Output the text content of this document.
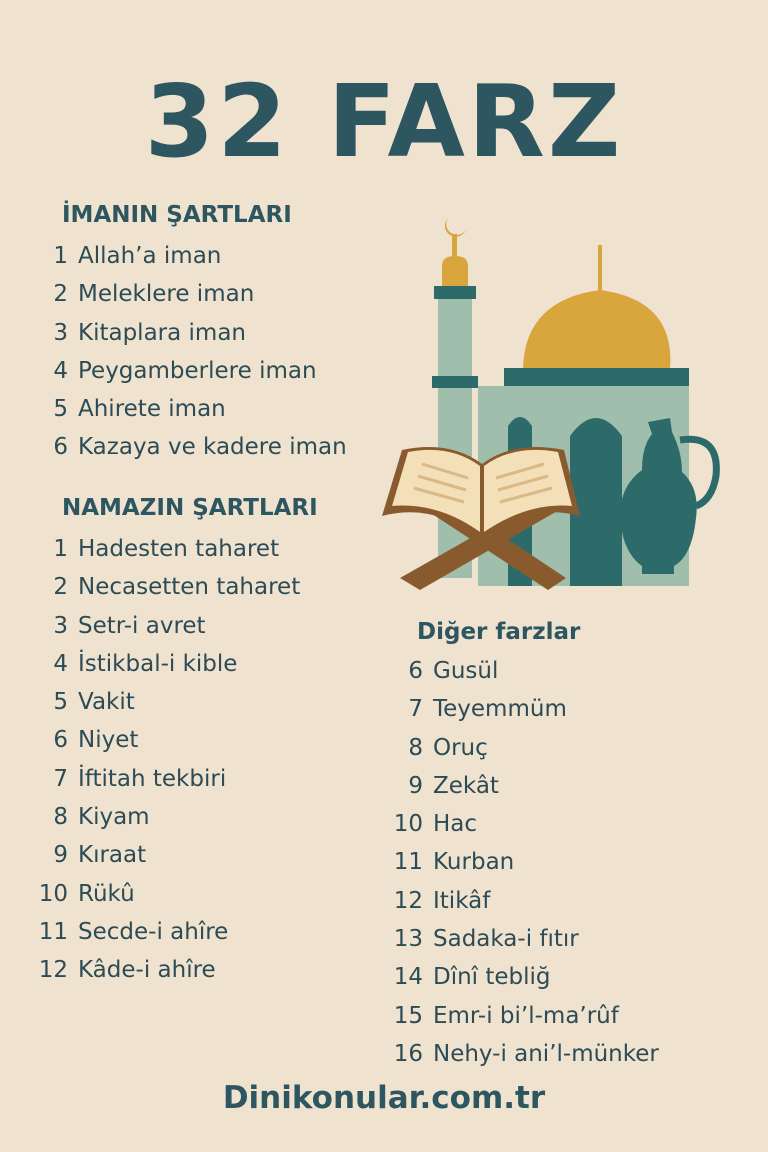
32 FARZ
İMANIN ŞARTLARI
1 Allah’a iman
2 Meleklere iman
3 Kitaplara iman
4 Peygamberlere iman
5 Ahirete iman
6 Kazaya ve kadere iman
NAMAZIN ŞARTLARI
1 Hadesten taharet
2 Necasetten taharet
3 Setr-i avret
4 İstikbal-i kible
5 Vakit
6 Niyet
7 İftitah tekbiri
8 Kiyam
9 Kıraat
10 Rükû
11 Secde-i ahîre
12 Kâde-i ahîre
Diğer farzlar
6 Gusül
7 Teyemmüm
8 Oruç
9 Zekât
10 Hac
11 Kurban
12 Itikâf
13 Sadaka-i fıtır
14 Dînî tebliğ
15 Emr-i bi’l-ma’rûf
16 Nehy-i ani’l-münker
Dinikonular.com.tr
